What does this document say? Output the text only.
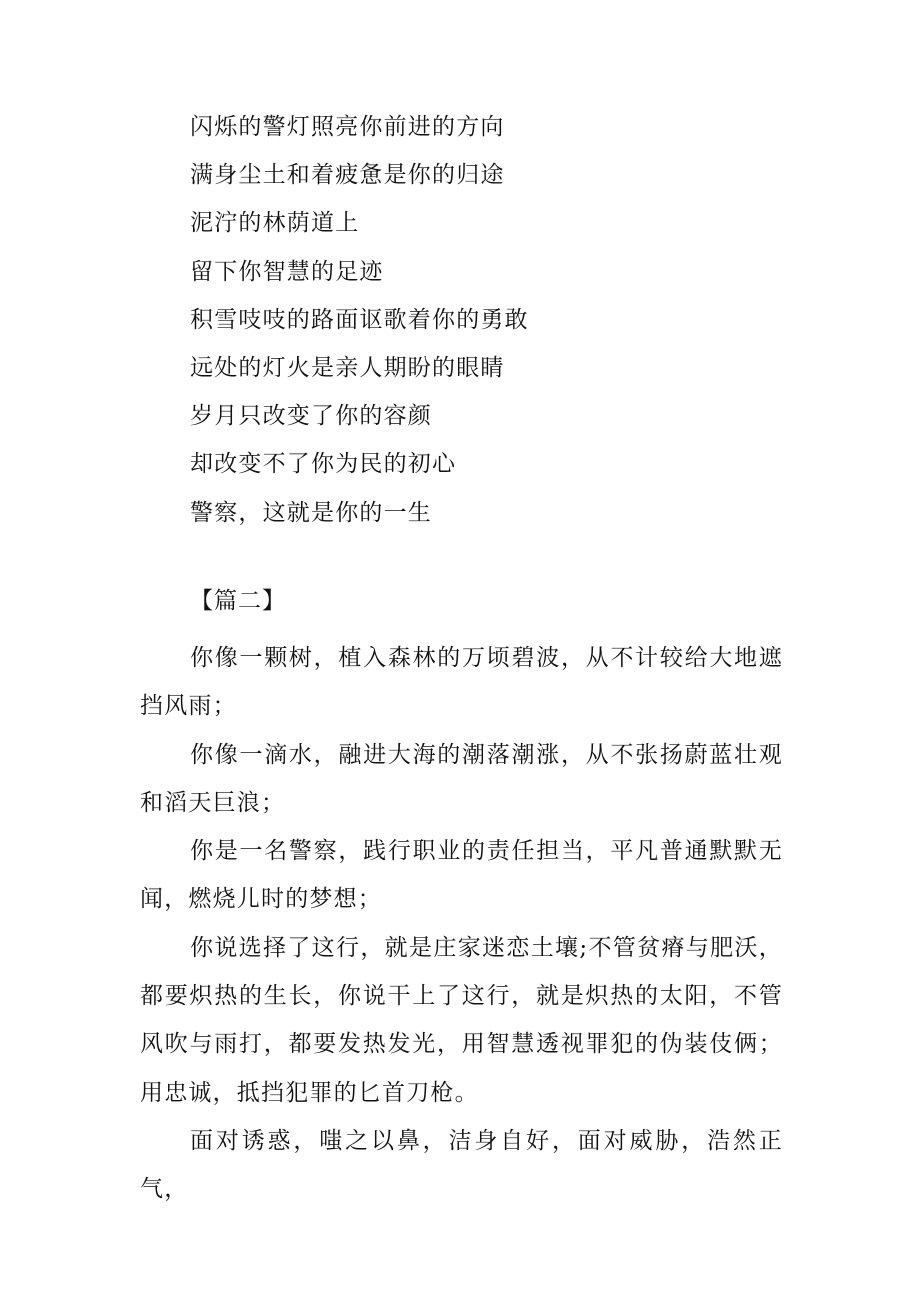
闪烁的警灯照亮你前进的方向
满身尘土和着疲惫是你的归途
泥泞的林荫道上
留下你智慧的足迹
积雪吱吱的路面讴歌着你的勇敢
远处的灯火是亲人期盼的眼睛
岁月只改变了你的容颜
却改变不了你为民的初心
警察，这就是你的一生
【篇二】

你像一颗树，植入森林的万顷碧波，从不计较给大地遮挡风雨；

你像一滴水，融进大海的潮落潮涨，从不张扬蔚蓝壮观和滔天巨浪；

你是一名警察，践行职业的责任担当，平凡普通默默无闻，燃烧儿时的梦想；

你说选择了这行，就是庄家迷恋土壤;不管贫瘠与肥沃，都要炽热的生长，你说干上了这行，就是炽热的太阳，不管风吹与雨打，都要发热发光，用智慧透视罪犯的伪装伎俩；用忠诚，抵挡犯罪的匕首刀枪。

面对诱惑，嗤之以鼻，洁身自好，面对威胁，浩然正气，
